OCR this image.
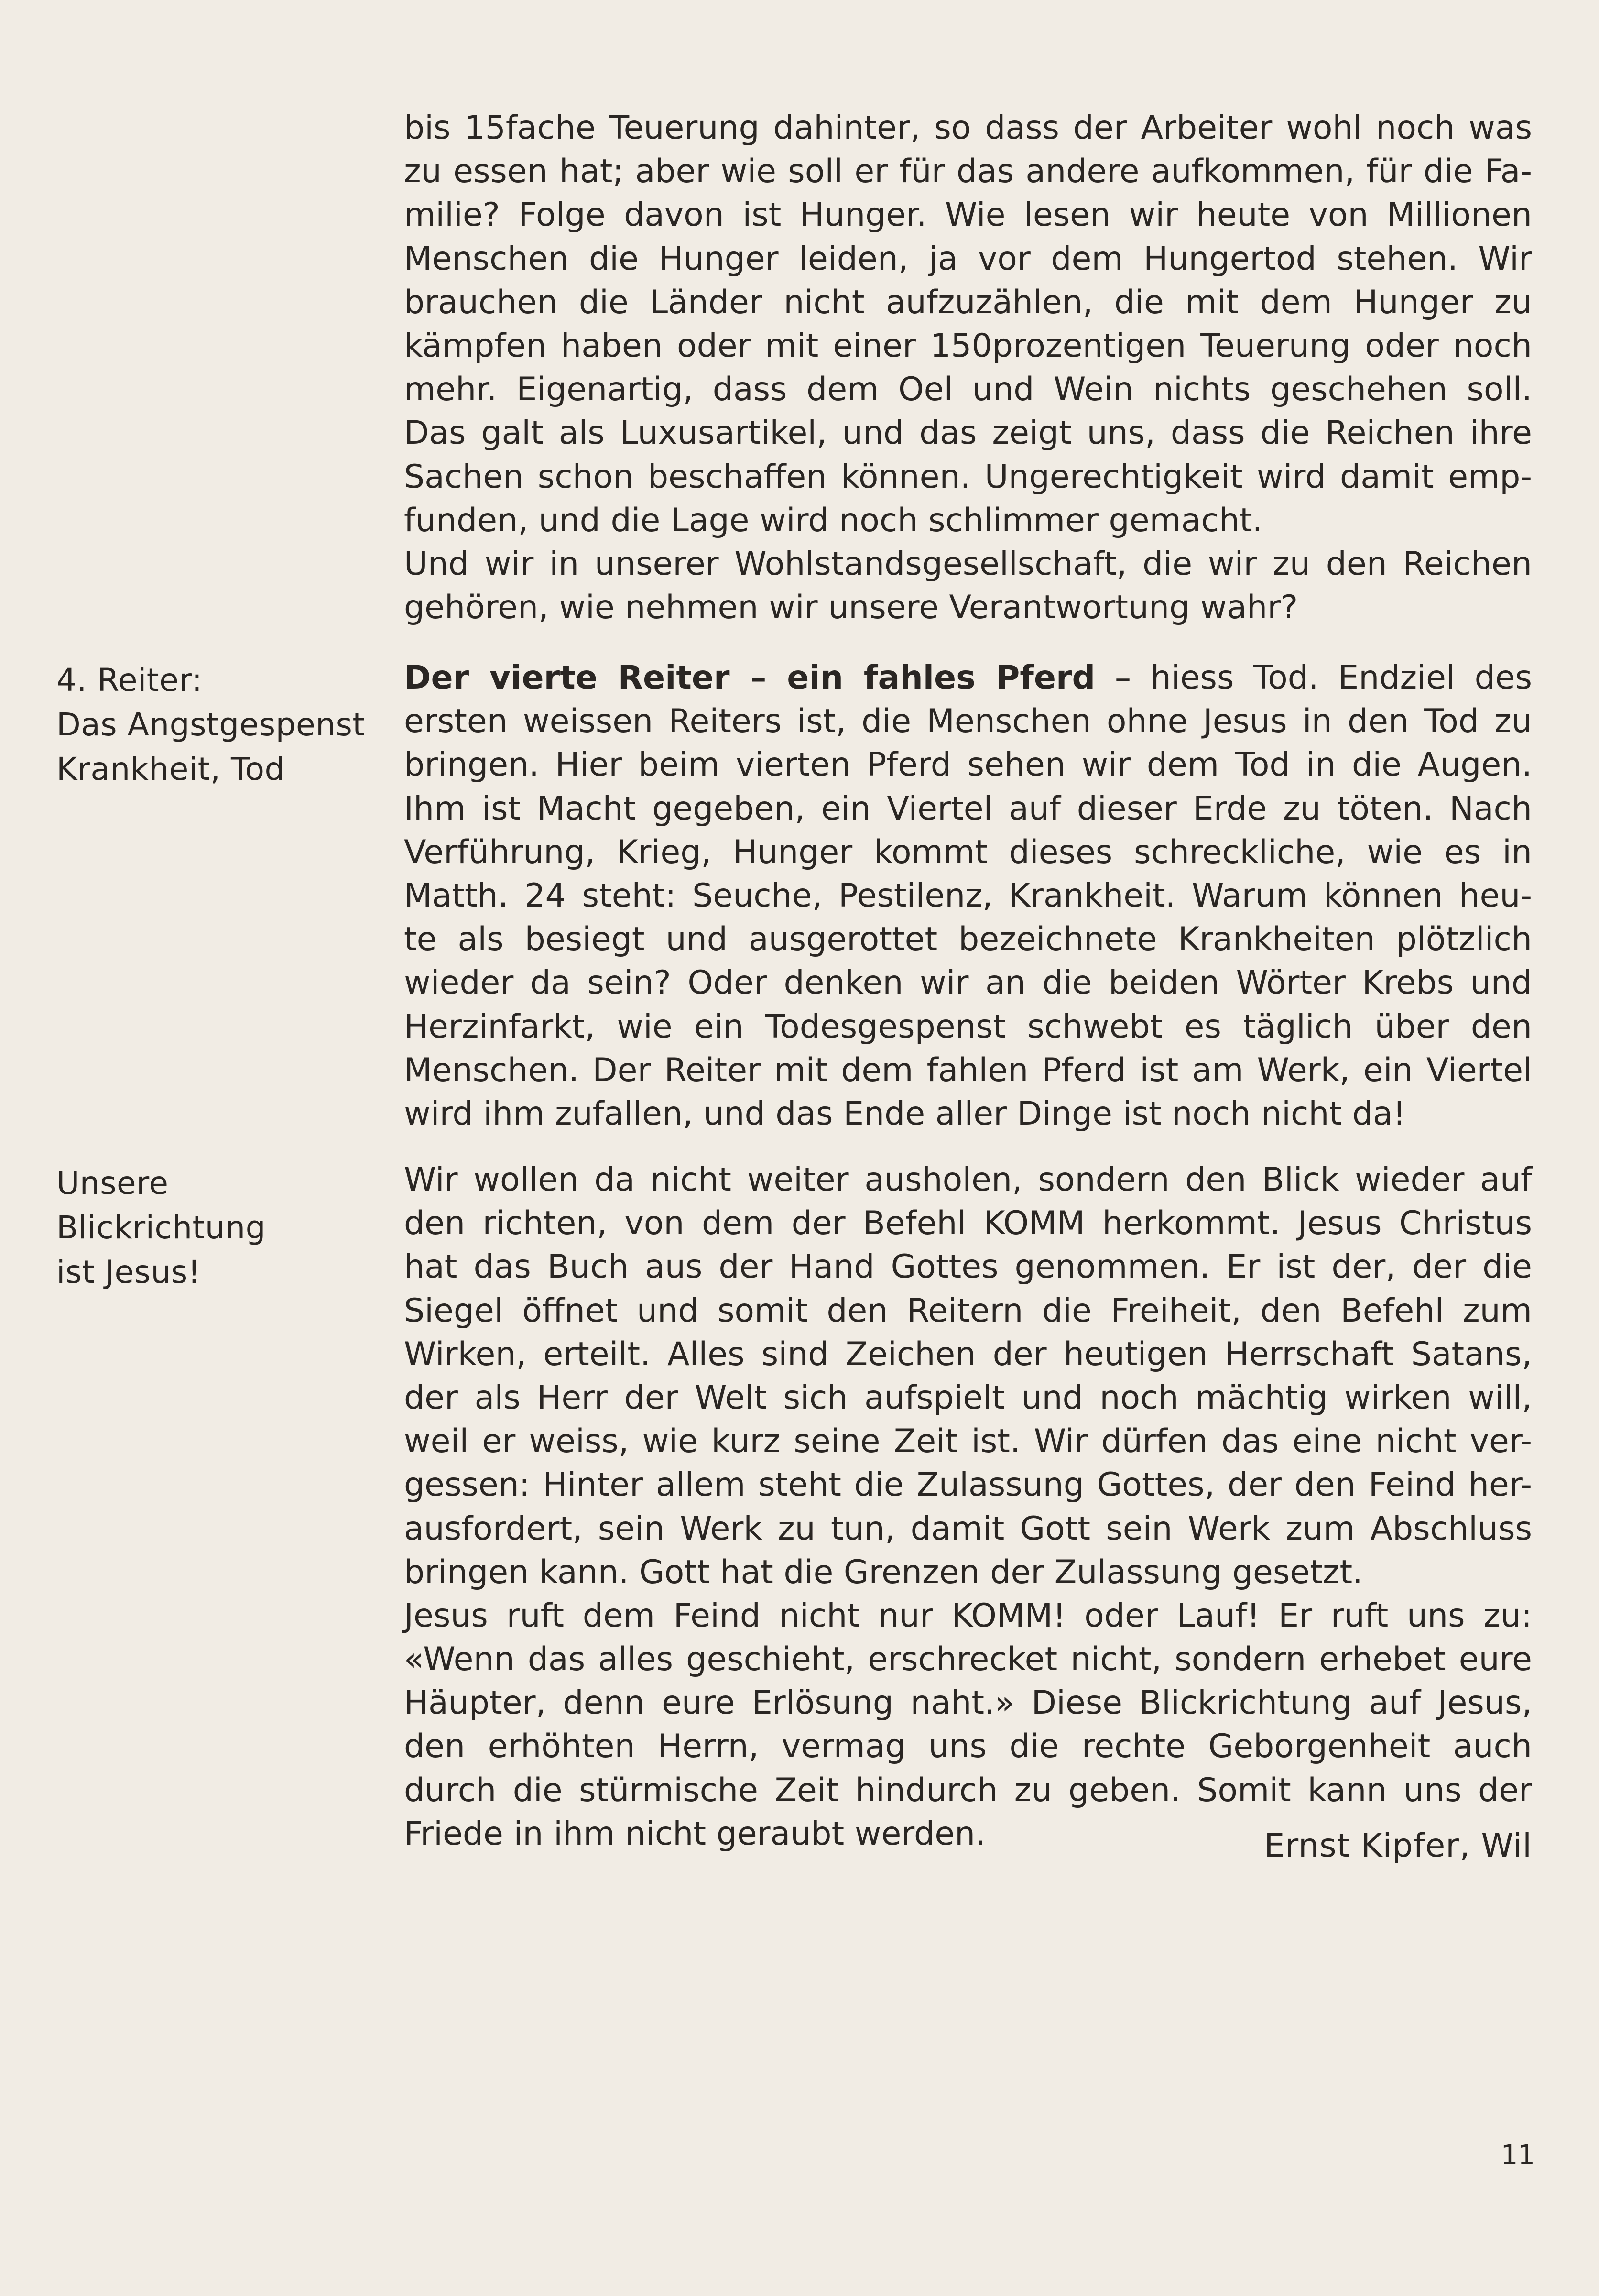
bis 15fache Teuerung dahinter, so dass der Arbeiter wohl noch was
zu essen hat; aber wie soll er für das andere aufkommen, für die Fa-
milie? Folge davon ist Hunger. Wie lesen wir heute von Millionen
Menschen die Hunger leiden, ja vor dem Hungertod stehen. Wir
brauchen die Länder nicht aufzuzählen, die mit dem Hunger zu
kämpfen haben oder mit einer 150prozentigen Teuerung oder noch
mehr. Eigenartig, dass dem Oel und Wein nichts geschehen soll.
Das galt als Luxusartikel, und das zeigt uns, dass die Reichen ihre
Sachen schon beschaffen können. Ungerechtigkeit wird damit emp-
funden, und die Lage wird noch schlimmer gemacht.
Und wir in unserer Wohlstandsgesellschaft, die wir zu den Reichen
gehören, wie nehmen wir unsere Verantwortung wahr?
4. Reiter:
Das Angstgespenst
Krankheit, Tod
Der vierte Reiter – ein fahles Pferd – hiess Tod. Endziel des
ersten weissen Reiters ist, die Menschen ohne Jesus in den Tod zu
bringen. Hier beim vierten Pferd sehen wir dem Tod in die Augen.
Ihm ist Macht gegeben, ein Viertel auf dieser Erde zu töten. Nach
Verführung, Krieg, Hunger kommt dieses schreckliche, wie es in
Matth. 24 steht: Seuche, Pestilenz, Krankheit. Warum können heu-
te als besiegt und ausgerottet bezeichnete Krankheiten plötzlich
wieder da sein? Oder denken wir an die beiden Wörter Krebs und
Herzinfarkt, wie ein Todesgespenst schwebt es täglich über den
Menschen. Der Reiter mit dem fahlen Pferd ist am Werk, ein Viertel
wird ihm zufallen, und das Ende aller Dinge ist noch nicht da!
Unsere
Blickrichtung
ist Jesus!
Wir wollen da nicht weiter ausholen, sondern den Blick wieder auf
den richten, von dem der Befehl KOMM herkommt. Jesus Christus
hat das Buch aus der Hand Gottes genommen. Er ist der, der die
Siegel öffnet und somit den Reitern die Freiheit, den Befehl zum
Wirken, erteilt. Alles sind Zeichen der heutigen Herrschaft Satans,
der als Herr der Welt sich aufspielt und noch mächtig wirken will,
weil er weiss, wie kurz seine Zeit ist. Wir dürfen das eine nicht ver-
gessen: Hinter allem steht die Zulassung Gottes, der den Feind her-
ausfordert, sein Werk zu tun, damit Gott sein Werk zum Abschluss
bringen kann. Gott hat die Grenzen der Zulassung gesetzt.
Jesus ruft dem Feind nicht nur KOMM! oder Lauf! Er ruft uns zu:
«Wenn das alles geschieht, erschrecket nicht, sondern erhebet eure
Häupter, denn eure Erlösung naht.» Diese Blickrichtung auf Jesus,
den erhöhten Herrn, vermag uns die rechte Geborgenheit auch
durch die stürmische Zeit hindurch zu geben. Somit kann uns der
Friede in ihm nicht geraubt werden.	Ernst Kipfer, Wil

11
